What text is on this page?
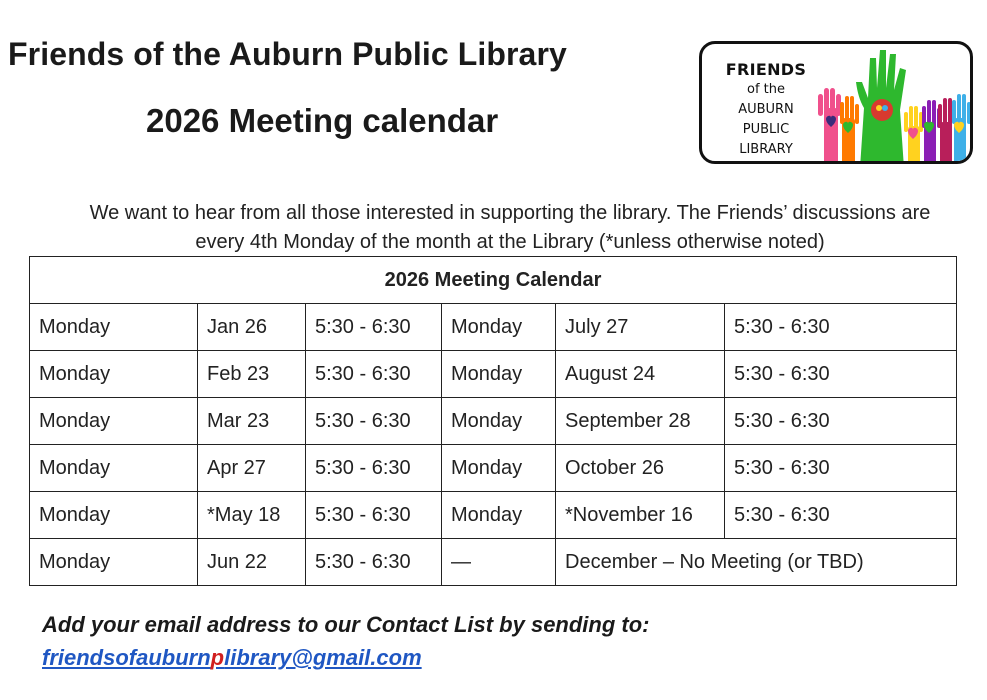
Friends of the Auburn Public Library
2026 Meeting calendar
FRIENDS
of the
AUBURN
PUBLIC
LIBRARY
We want to hear from all those interested in supporting the library. The Friends’ discussions are
every 4th Monday of the month at the Library (*unless otherwise noted)
2026 Meeting Calendar					
Monday	Jan 26	5:30 - 6:30	Monday	July 27	5:30 - 6:30
Monday	Feb 23	5:30 - 6:30	Monday	August 24	5:30 - 6:30
Monday	Mar 23	5:30 - 6:30	Monday	September 28	5:30 - 6:30
Monday	Apr 27	5:30 - 6:30	Monday	October 26	5:30 - 6:30
Monday	*May 18	5:30 - 6:30	Monday	*November 16	5:30 - 6:30
Monday	Jun 22	5:30 - 6:30	—	December – No Meeting (or TBD)	
Add your email address to our Contact List by sending to:
friendsofauburnplibrary@gmail.com
